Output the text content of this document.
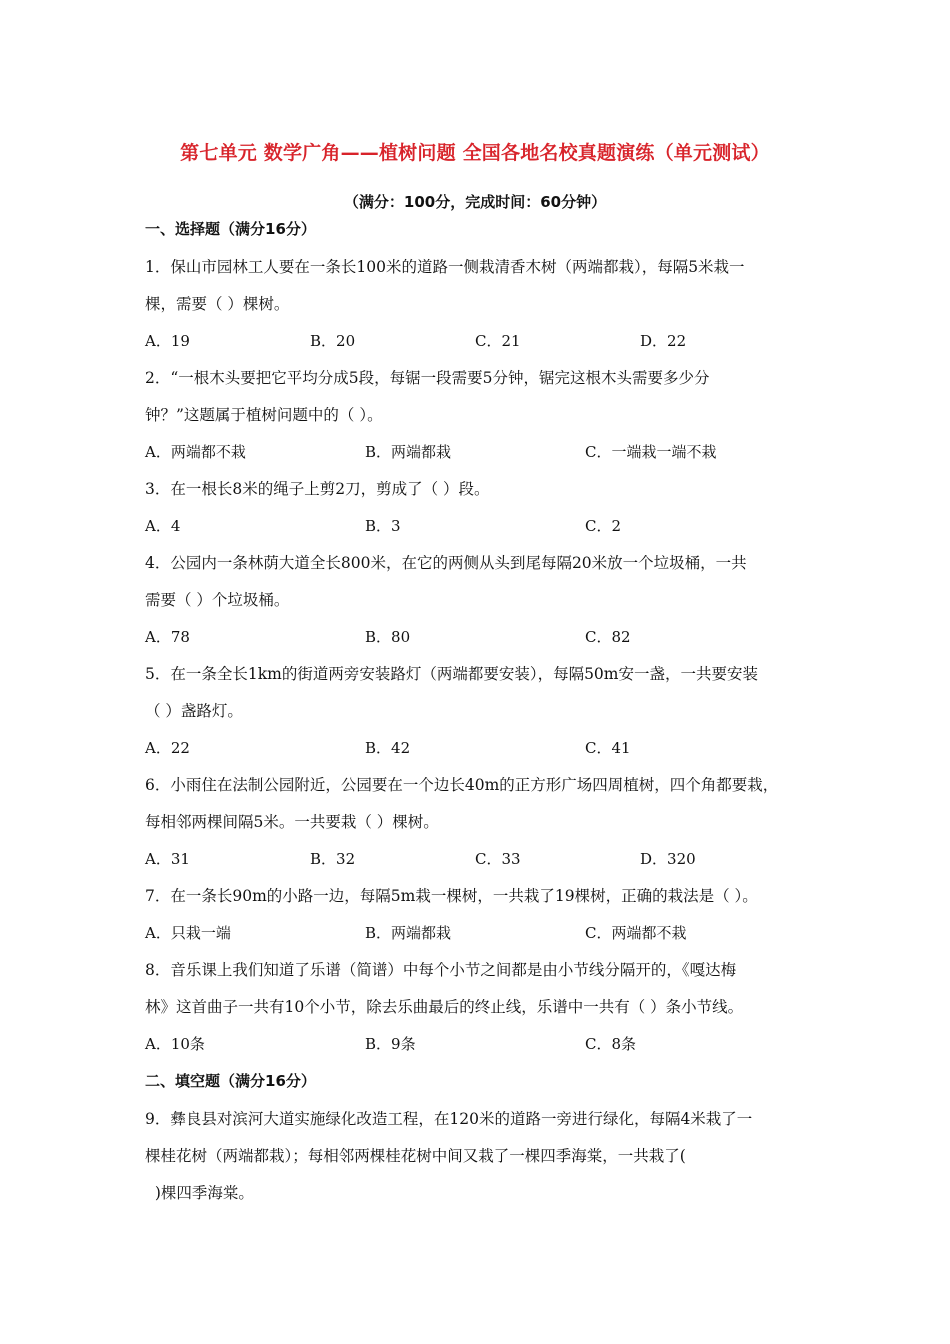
第七单元 数学广角——植树问题 全国各地名校真题演练（单元测试）
（满分：100分，完成时间：60分钟）
一、选择题（满分16分）

1．保山市园林工人要在一条长100米的道路一侧栽清香木树（两端都栽），每隔5米栽一

棵，需要（ ）棵树。

A．19	B．20	C．21	D．22

2．“一根木头要把它平均分成5段，每锯一段需要5分钟，锯完这根木头需要多少分

钟？”这题属于植树问题中的（ ）。

A．两端都不栽	B．两端都栽	C．一端栽一端不栽

3．在一根长8米的绳子上剪2刀，剪成了（ ）段。

A．4	B．3	C．2

4．公园内一条林荫大道全长800米，在它的两侧从头到尾每隔20米放一个垃圾桶，一共

需要（ ）个垃圾桶。

A．78	B．80	C．82

5．在一条全长1km的街道两旁安装路灯（两端都要安装），每隔50m安一盏，一共要安装

（ ）盏路灯。

A．22	B．42	C．41

6．小雨住在法制公园附近，公园要在一个边长40m的正方形广场四周植树，四个角都要栽，

每相邻两棵间隔5米。一共要栽（ ）棵树。

A．31	B．32	C．33	D．320

7．在一条长90m的小路一边，每隔5m栽一棵树，一共栽了19棵树，正确的栽法是（ ）。

A．只栽一端	B．两端都栽	C．两端都不栽

8．音乐课上我们知道了乐谱（简谱）中每个小节之间都是由小节线分隔开的，《嘎达梅

林》这首曲子一共有10个小节，除去乐曲最后的终止线，乐谱中一共有（ ）条小节线。

A．10条	B．9条	C．8条
二、填空题（满分16分）

9．彝良县对滨河大道实施绿化改造工程，在120米的道路一旁进行绿化，每隔4米栽了一

棵桂花树（两端都栽）；每相邻两棵桂花树中间又栽了一棵四季海棠，一共栽了(

)棵四季海棠。
